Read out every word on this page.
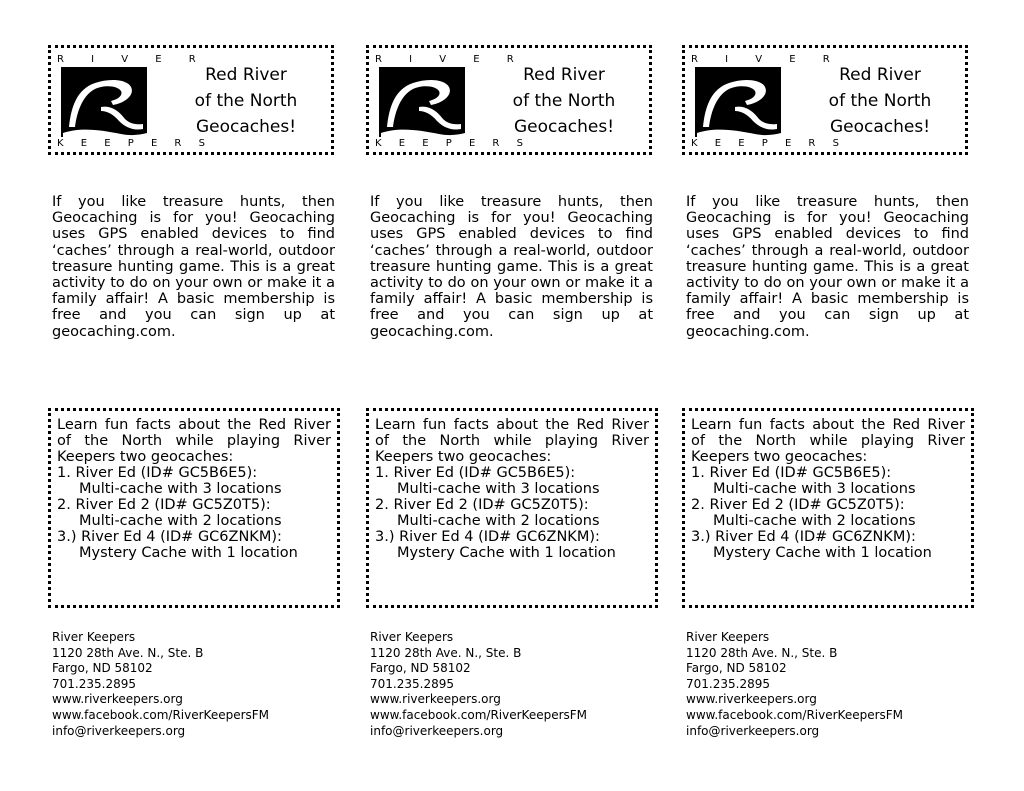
R I V E R
K E E P E R S
Red River
of the North
Geocaches!
If you like treasure hunts, then Geocaching is for you! Geocaching uses GPS enabled devices to find ‘caches’ through a real-world, outdoor treasure hunting game. This is a great activity to do on your own or make it a family affair! A basic membership is free and you can sign up at geocaching.com.
Learn fun facts about the Red River of the North while playing River Keepers two geocaches:
1. River Ed (ID# GC5B6E5):
Multi-cache with 3 locations
2. River Ed 2 (ID# GC5Z0T5):
Multi-cache with 2 locations
3.) River Ed 4 (ID# GC6ZNKM):
Mystery Cache with 1 location
River Keepers
1120 28th Ave. N., Ste. B
Fargo, ND 58102
701.235.2895
www.riverkeepers.org
www.facebook.com/RiverKeepersFM
info@riverkeepers.org
R I V E R
K E E P E R S
Red River
of the North
Geocaches!
If you like treasure hunts, then Geocaching is for you! Geocaching uses GPS enabled devices to find ‘caches’ through a real-world, outdoor treasure hunting game. This is a great activity to do on your own or make it a family affair! A basic membership is free and you can sign up at geocaching.com.
Learn fun facts about the Red River of the North while playing River Keepers two geocaches:
1. River Ed (ID# GC5B6E5):
Multi-cache with 3 locations
2. River Ed 2 (ID# GC5Z0T5):
Multi-cache with 2 locations
3.) River Ed 4 (ID# GC6ZNKM):
Mystery Cache with 1 location
River Keepers
1120 28th Ave. N., Ste. B
Fargo, ND 58102
701.235.2895
www.riverkeepers.org
www.facebook.com/RiverKeepersFM
info@riverkeepers.org
R I V E R
K E E P E R S
Red River
of the North
Geocaches!
If you like treasure hunts, then Geocaching is for you! Geocaching uses GPS enabled devices to find ‘caches’ through a real-world, outdoor treasure hunting game. This is a great activity to do on your own or make it a family affair! A basic membership is free and you can sign up at geocaching.com.
Learn fun facts about the Red River of the North while playing River Keepers two geocaches:
1. River Ed (ID# GC5B6E5):
Multi-cache with 3 locations
2. River Ed 2 (ID# GC5Z0T5):
Multi-cache with 2 locations
3.) River Ed 4 (ID# GC6ZNKM):
Mystery Cache with 1 location
River Keepers
1120 28th Ave. N., Ste. B
Fargo, ND 58102
701.235.2895
www.riverkeepers.org
www.facebook.com/RiverKeepersFM
info@riverkeepers.org
